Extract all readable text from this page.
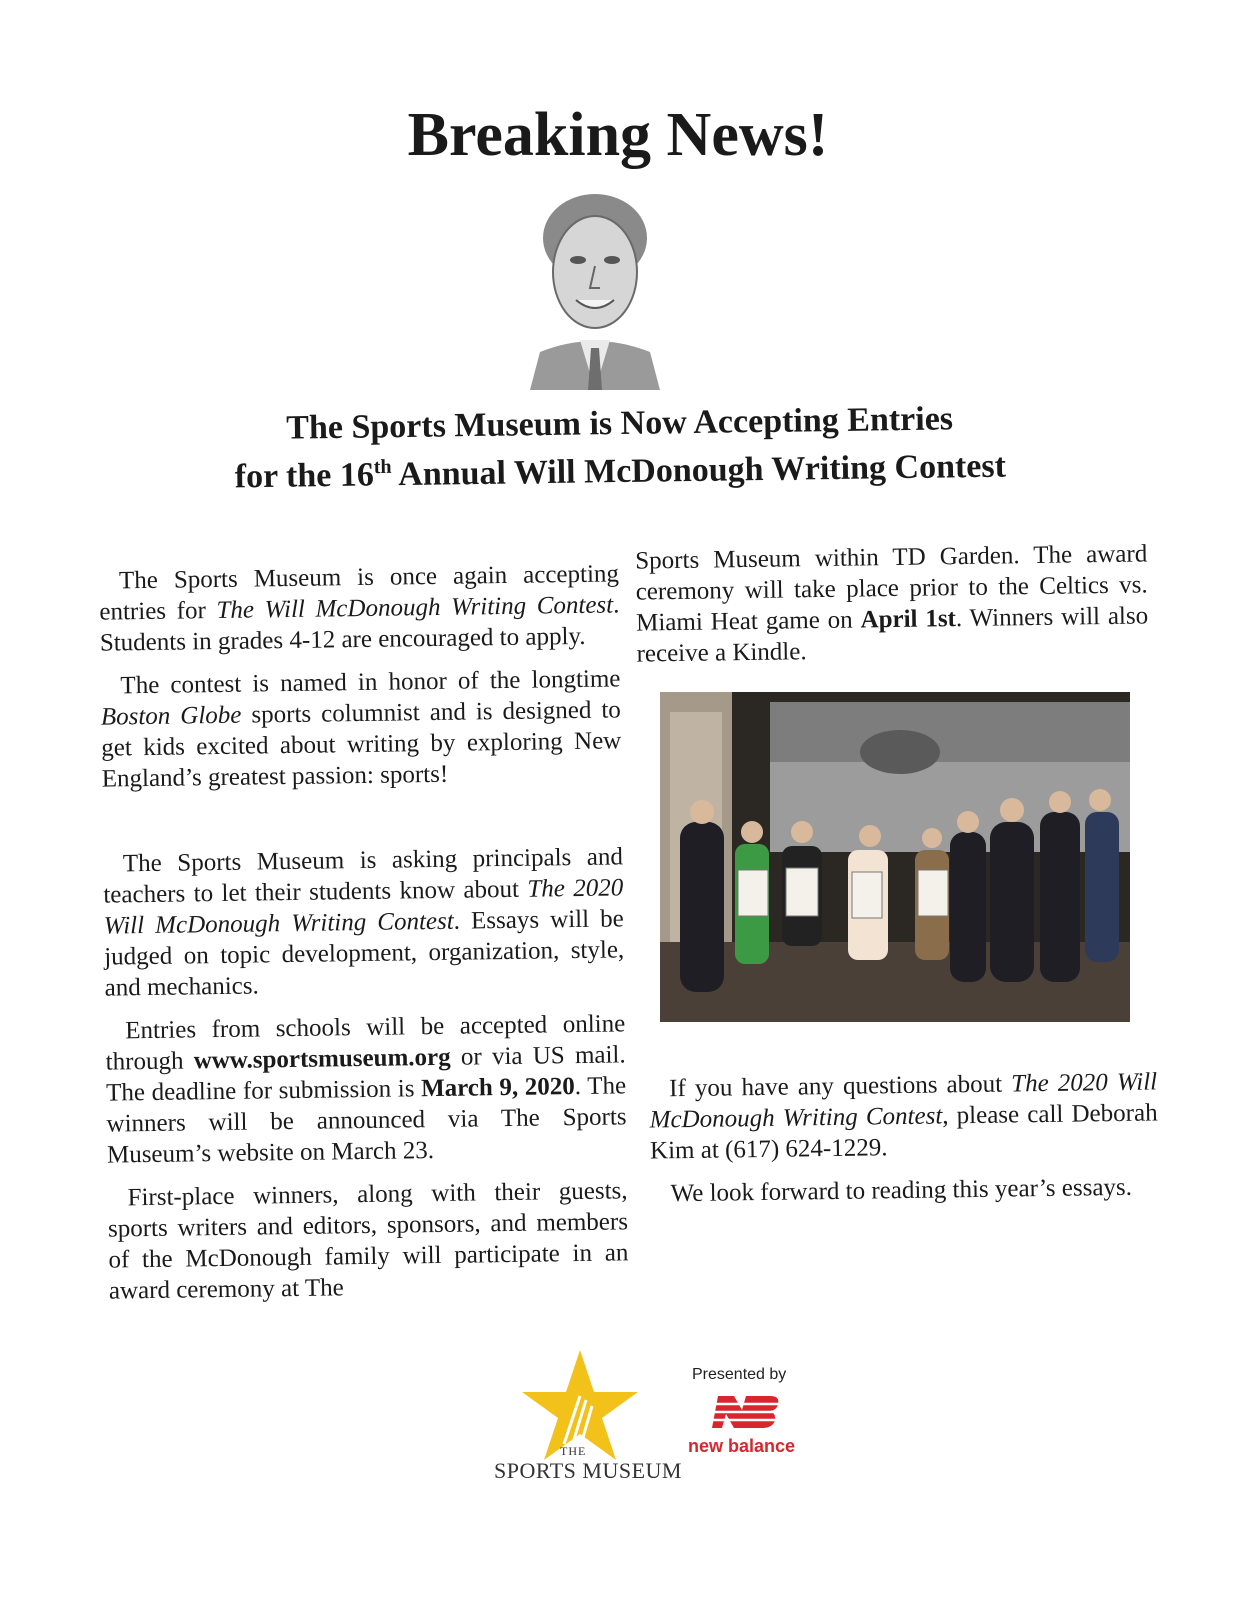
Breaking News!
The Sports Museum is Now Accepting Entries
for the 16th Annual Will McDonough Writing Contest

The Sports Museum is once again accepting entries for The Will McDonough Writing Contest. Students in grades 4-12 are encouraged to apply.

The contest is named in honor of the longtime Boston Globe sports columnist and is designed to get kids excited about writing by exploring New England’s greatest passion: sports!

The Sports Museum is asking principals and teachers to let their students know about The 2020 Will McDonough Writing Contest. Essays will be judged on topic development, organization, style, and mechanics.

Entries from schools will be accepted online through www.sportsmuseum.org or via US mail. The deadline for submission is March 9, 2020. The winners will be announced via The Sports Museum’s website on March 23.

First-place winners, along with their guests, sports writers and editors, sponsors, and members of the McDonough family will participate in an award ceremony at The

Sports Museum within TD Garden. The award ceremony will take place prior to the Celtics vs. Miami Heat game on April 1st. Winners will also receive a Kindle.

If you have any questions about The 2020 Will McDonough Writing Contest, please call Deborah Kim at (617) 624-1229.

We look forward to reading this year’s essays.

THE
SPORTS MUSEUM
Presented by
new balance
